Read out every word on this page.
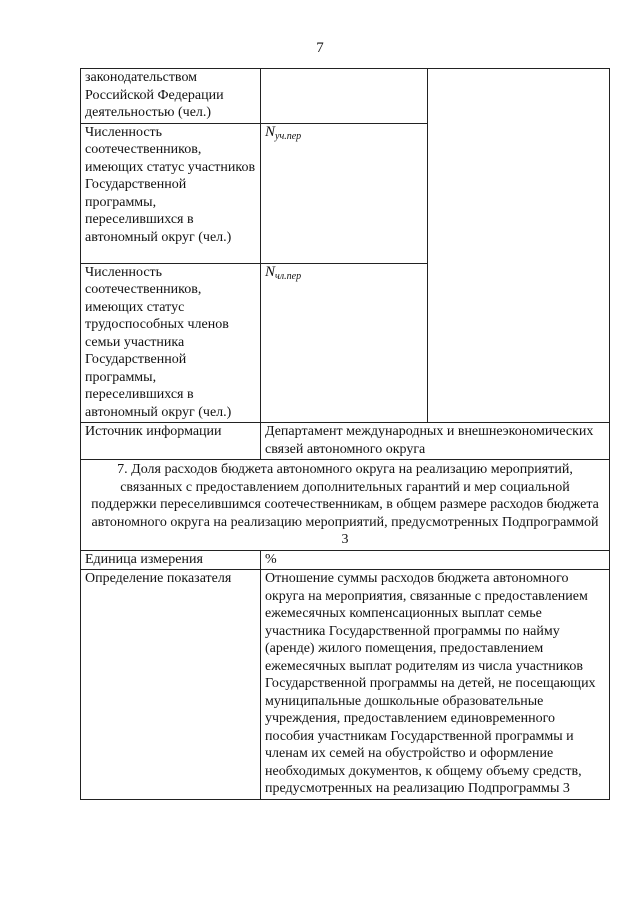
7
законодательством Российской Федерации деятельностью (чел.)		
Численность соотечественников, имеющих статус участников Государственной программы, переселившихся в автономный округ (чел.)	$N_{уч.пер}$
Численность соотечественников, имеющих статус трудоспособных членов семьи участника Государственной программы, переселившихся в автономный округ (чел.)	$N_{чл.пер}$
Источник информации	Департамент международных и внешнеэкономических связей автономного округа	
7. Доля расходов бюджета автономного округа на реализацию мероприятий, связанных с предоставлением дополнительных гарантий и мер социальной поддержки переселившимся соотечественникам, в общем размере расходов бюджета автономного округа на реализацию мероприятий, предусмотренных Подпрограммой 3		
Единица измерения	%	
Определение показателя	Отношение суммы расходов бюджета автономного округа на мероприятия, связанные с предоставлением ежемесячных компенсационных выплат семье участника Государственной программы по найму (аренде) жилого помещения, предоставлением ежемесячных выплат родителям из числа участников Государственной программы на детей, не посещающих муниципальные дошкольные образовательные учреждения, предоставлением единовременного пособия участникам Государственной программы и членам их семей на обустройство и оформление необходимых документов, к общему объему средств, предусмотренных на реализацию Подпрограммы 3	
